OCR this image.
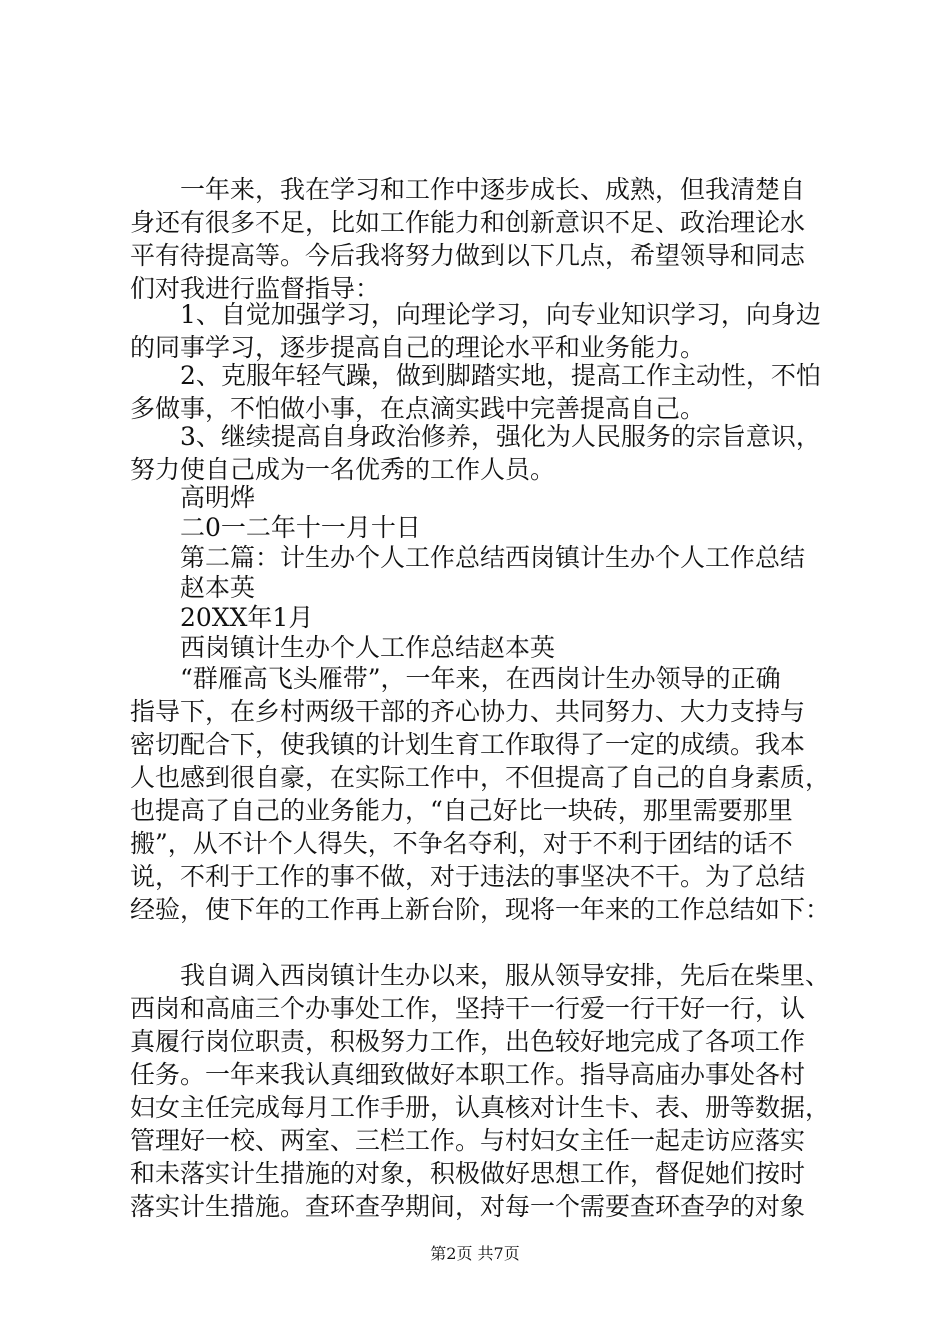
一年来，我在学习和工作中逐步成长、成熟，但我清楚自
身还有很多不足，比如工作能力和创新意识不足、政治理论水
平有待提高等。今后我将努力做到以下几点，希望领导和同志
们对我进行监督指导：
1、自觉加强学习，向理论学习，向专业知识学习，向身边
的同事学习，逐步提高自己的理论水平和业务能力。
2、克服年轻气躁，做到脚踏实地，提高工作主动性，不怕
多做事，不怕做小事，在点滴实践中完善提高自己。
3、继续提高自身政治修养，强化为人民服务的宗旨意识，
努力使自己成为一名优秀的工作人员。
高明烨
二0一二年十一月十日
第二篇：计生办个人工作总结西岗镇计生办个人工作总结
赵本英
20XX年1月
西岗镇计生办个人工作总结赵本英
“群雁高飞头雁带”，一年来，在西岗计生办领导的正确
指导下，在乡村两级干部的齐心协力、共同努力、大力支持与
密切配合下，使我镇的计划生育工作取得了一定的成绩。我本
人也感到很自豪，在实际工作中，不但提高了自己的自身素质，
也提高了自己的业务能力，“自己好比一块砖，那里需要那里
搬”，从不计个人得失，不争名夺利，对于不利于团结的话不
说，不利于工作的事不做，对于违法的事坚决不干。为了总结
经验，使下年的工作再上新台阶，现将一年来的工作总结如下：
我自调入西岗镇计生办以来，服从领导安排，先后在柴里、
西岗和高庙三个办事处工作，坚持干一行爱一行干好一行，认
真履行岗位职责，积极努力工作，出色较好地完成了各项工作
任务。一年来我认真细致做好本职工作。指导高庙办事处各村
妇女主任完成每月工作手册，认真核对计生卡、表、册等数据，
管理好一校、两室、三栏工作。与村妇女主任一起走访应落实
和未落实计生措施的对象，积极做好思想工作，督促她们按时
落实计生措施。查环查孕期间，对每一个需要查环查孕的对象
第2页 共7页
